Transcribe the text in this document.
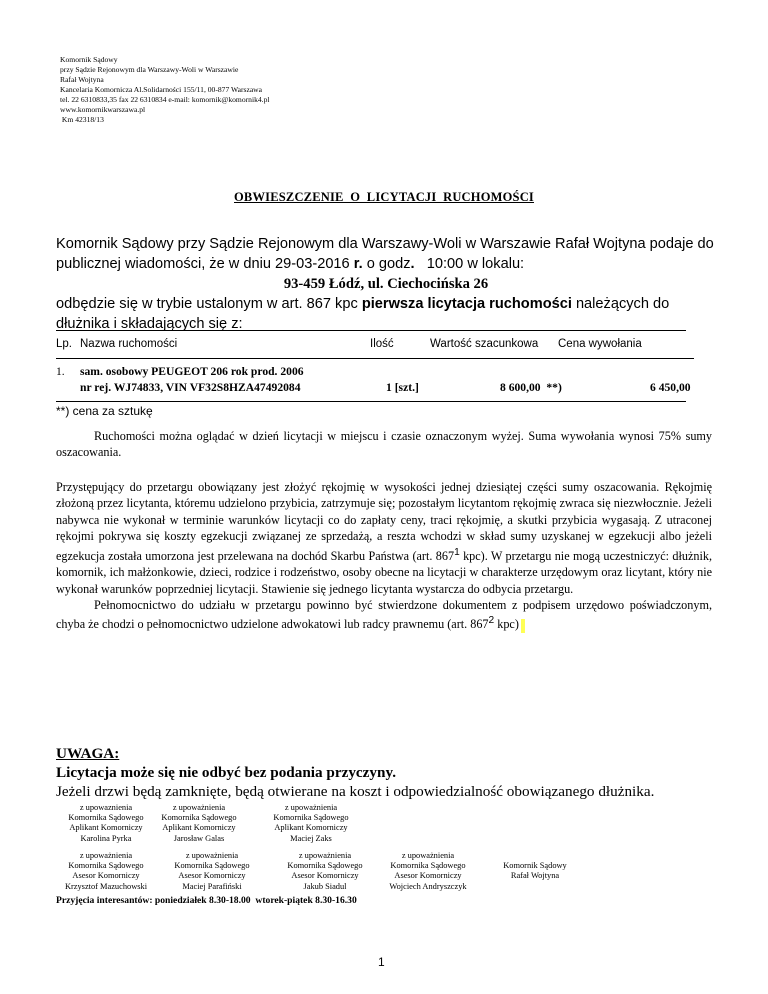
Komornik Sądowy
przy Sądzie Rejonowym dla Warszawy-Woli w Warszawie
Rafał Wojtyna
Kancelaria Komornicza Al.Solidarności 155/11, 00-877 Warszawa
tel. 22 6310833,35 fax 22 6310834 e-mail: komornik@komornik4.pl
www.komornikwarszawa.pl
Km 42318/13
OBWIESZCZENIE  O  LICYTACJI  RUCHOMOŚCI
Komornik Sądowy przy Sądzie Rejonowym dla Warszawy-Woli w Warszawie Rafał Wojtyna podaje do publicznej wiadomości, że w dniu 29-03-2016 r. o godz.   10:00 w lokalu:
93-459 Łódź, ul. Ciechocińska 26
odbędzie się w trybie ustalonym w art. 867 kpc pierwsza licytacja ruchomości należących do dłużnika i składających się z:
Lp. Nazwa ruchomości	Ilość	Wartość szacunkowa Cena wywołania
1. sam. osobowy PEUGEOT 206 rok prod. 2006
nr rej. WJ74833, VIN VF32S8HZA47492084	1 [szt.]	8 600,00  **)	6 450,00
**) cena za sztukę

Ruchomości można oglądać w dzień licytacji w miejscu i czasie oznaczonym wyżej. Suma wywołania wynosi 75% sumy oszacowania.

Przystępujący do przetargu obowiązany jest złożyć rękojmię w wysokości jednej dziesiątej części sumy oszacowania. Rękojmię złożoną przez licytanta, któremu udzielono przybicia, zatrzymuje się; pozostałym licytantom rękojmię zwraca się niezwłocznie. Jeżeli nabywca nie wykonał w terminie warunków licytacji co do zapłaty ceny, traci rękojmię, a skutki przybicia wygasają. Z utraconej rękojmi pokrywa się koszty egzekucji związanej ze sprzedażą, a reszta wchodzi w skład sumy uzyskanej w egzekucji albo jeżeli egzekucja została umorzona jest przelewana na dochód Skarbu Państwa (art. $867^1$ kpc). W przetargu nie mogą uczestniczyć: dłużnik, komornik, ich małżonkowie, dzieci, rodzice i rodzeństwo, osoby obecne na licytacji w charakterze urzędowym oraz licytant, który nie wykonał warunków poprzedniej licytacji. Stawienie się jednego licytanta wystarcza do odbycia przetargu.

Pełnomocnictwo do udziału w przetargu powinno być stwierdzone dokumentem z podpisem urzędowo poświadczonym, chyba że chodzi o pełnomocnictwo udzielone adwokatowi lub radcy prawnemu (art. $867^2$ kpc)

UWAGA:
Licytacja może się nie odbyć bez podania przyczyny.
Jeżeli drzwi będą zamknięte, będą otwierane na koszt i odpowiedzialność obowiązanego dłużnika.
z upowaznienia
Komornika Sądowego
Aplikant Komorniczy
Karolina Pyrka
z upoważnienia
Komornika Sądowego
Aplikant Komorniczy
Jarosław Galas
z upoważnienia
Komornika Sądowego
Aplikant Komorniczy
Maciej Zaks
z upoważnienia
Komornika Sądowego
Asesor Komorniczy
Krzysztof Mazuchowski
z upoważnienia
Komornika Sądowego
Asesor Komorniczy
Maciej Parafiński
z upoważnienia
Komornika Sądowego
Asesor Komorniczy
Jakub Siadul
z upoważnienia
Komornika Sądowego
Asesor Komorniczy
Wojciech Andryszczyk
Komornik Sądowy
Rafał Wojtyna
Przyjęcia interesantów: poniedziałek 8.30-18.00  wtorek-piątek 8.30-16.30
1
